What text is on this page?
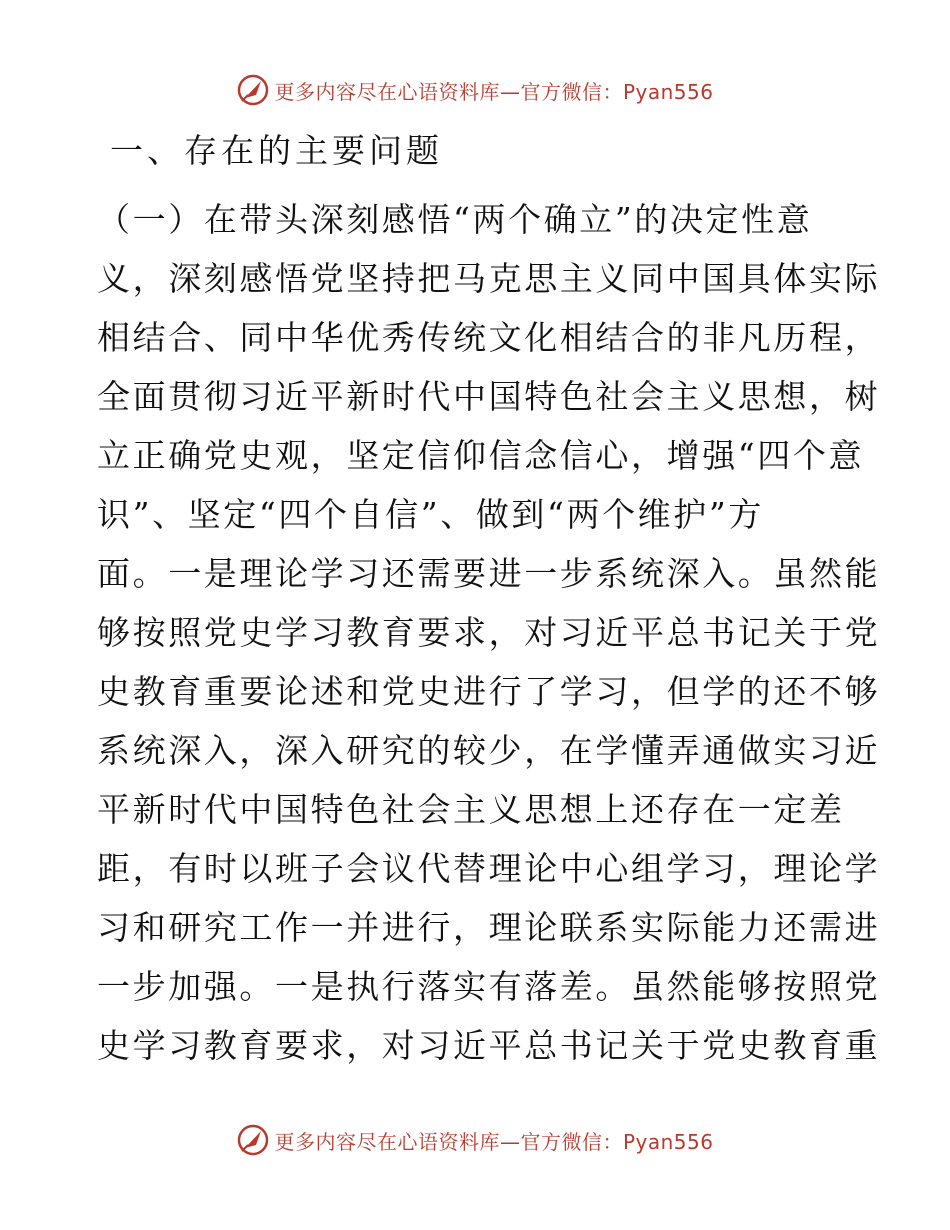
更多内容尽在心语资料库—官方微信：Pyan556
一、存在的主要问题
（一）在带头深刻感悟“两个确立”的决定性意
义，深刻感悟党坚持把马克思主义同中国具体实际
相结合、同中华优秀传统文化相结合的非凡历程，
全面贯彻习近平新时代中国特色社会主义思想，树
立正确党史观，坚定信仰信念信心，增强“四个意
识”、坚定“四个自信”、做到“两个维护”方
面。一是理论学习还需要进一步系统深入。虽然能
够按照党史学习教育要求，对习近平总书记关于党
史教育重要论述和党史进行了学习，但学的还不够
系统深入，深入研究的较少，在学懂弄通做实习近
平新时代中国特色社会主义思想上还存在一定差
距，有时以班子会议代替理论中心组学习，理论学
习和研究工作一并进行，理论联系实际能力还需进
一步加强。一是执行落实有落差。虽然能够按照党
史学习教育要求，对习近平总书记关于党史教育重
更多内容尽在心语资料库—官方微信：Pyan556
